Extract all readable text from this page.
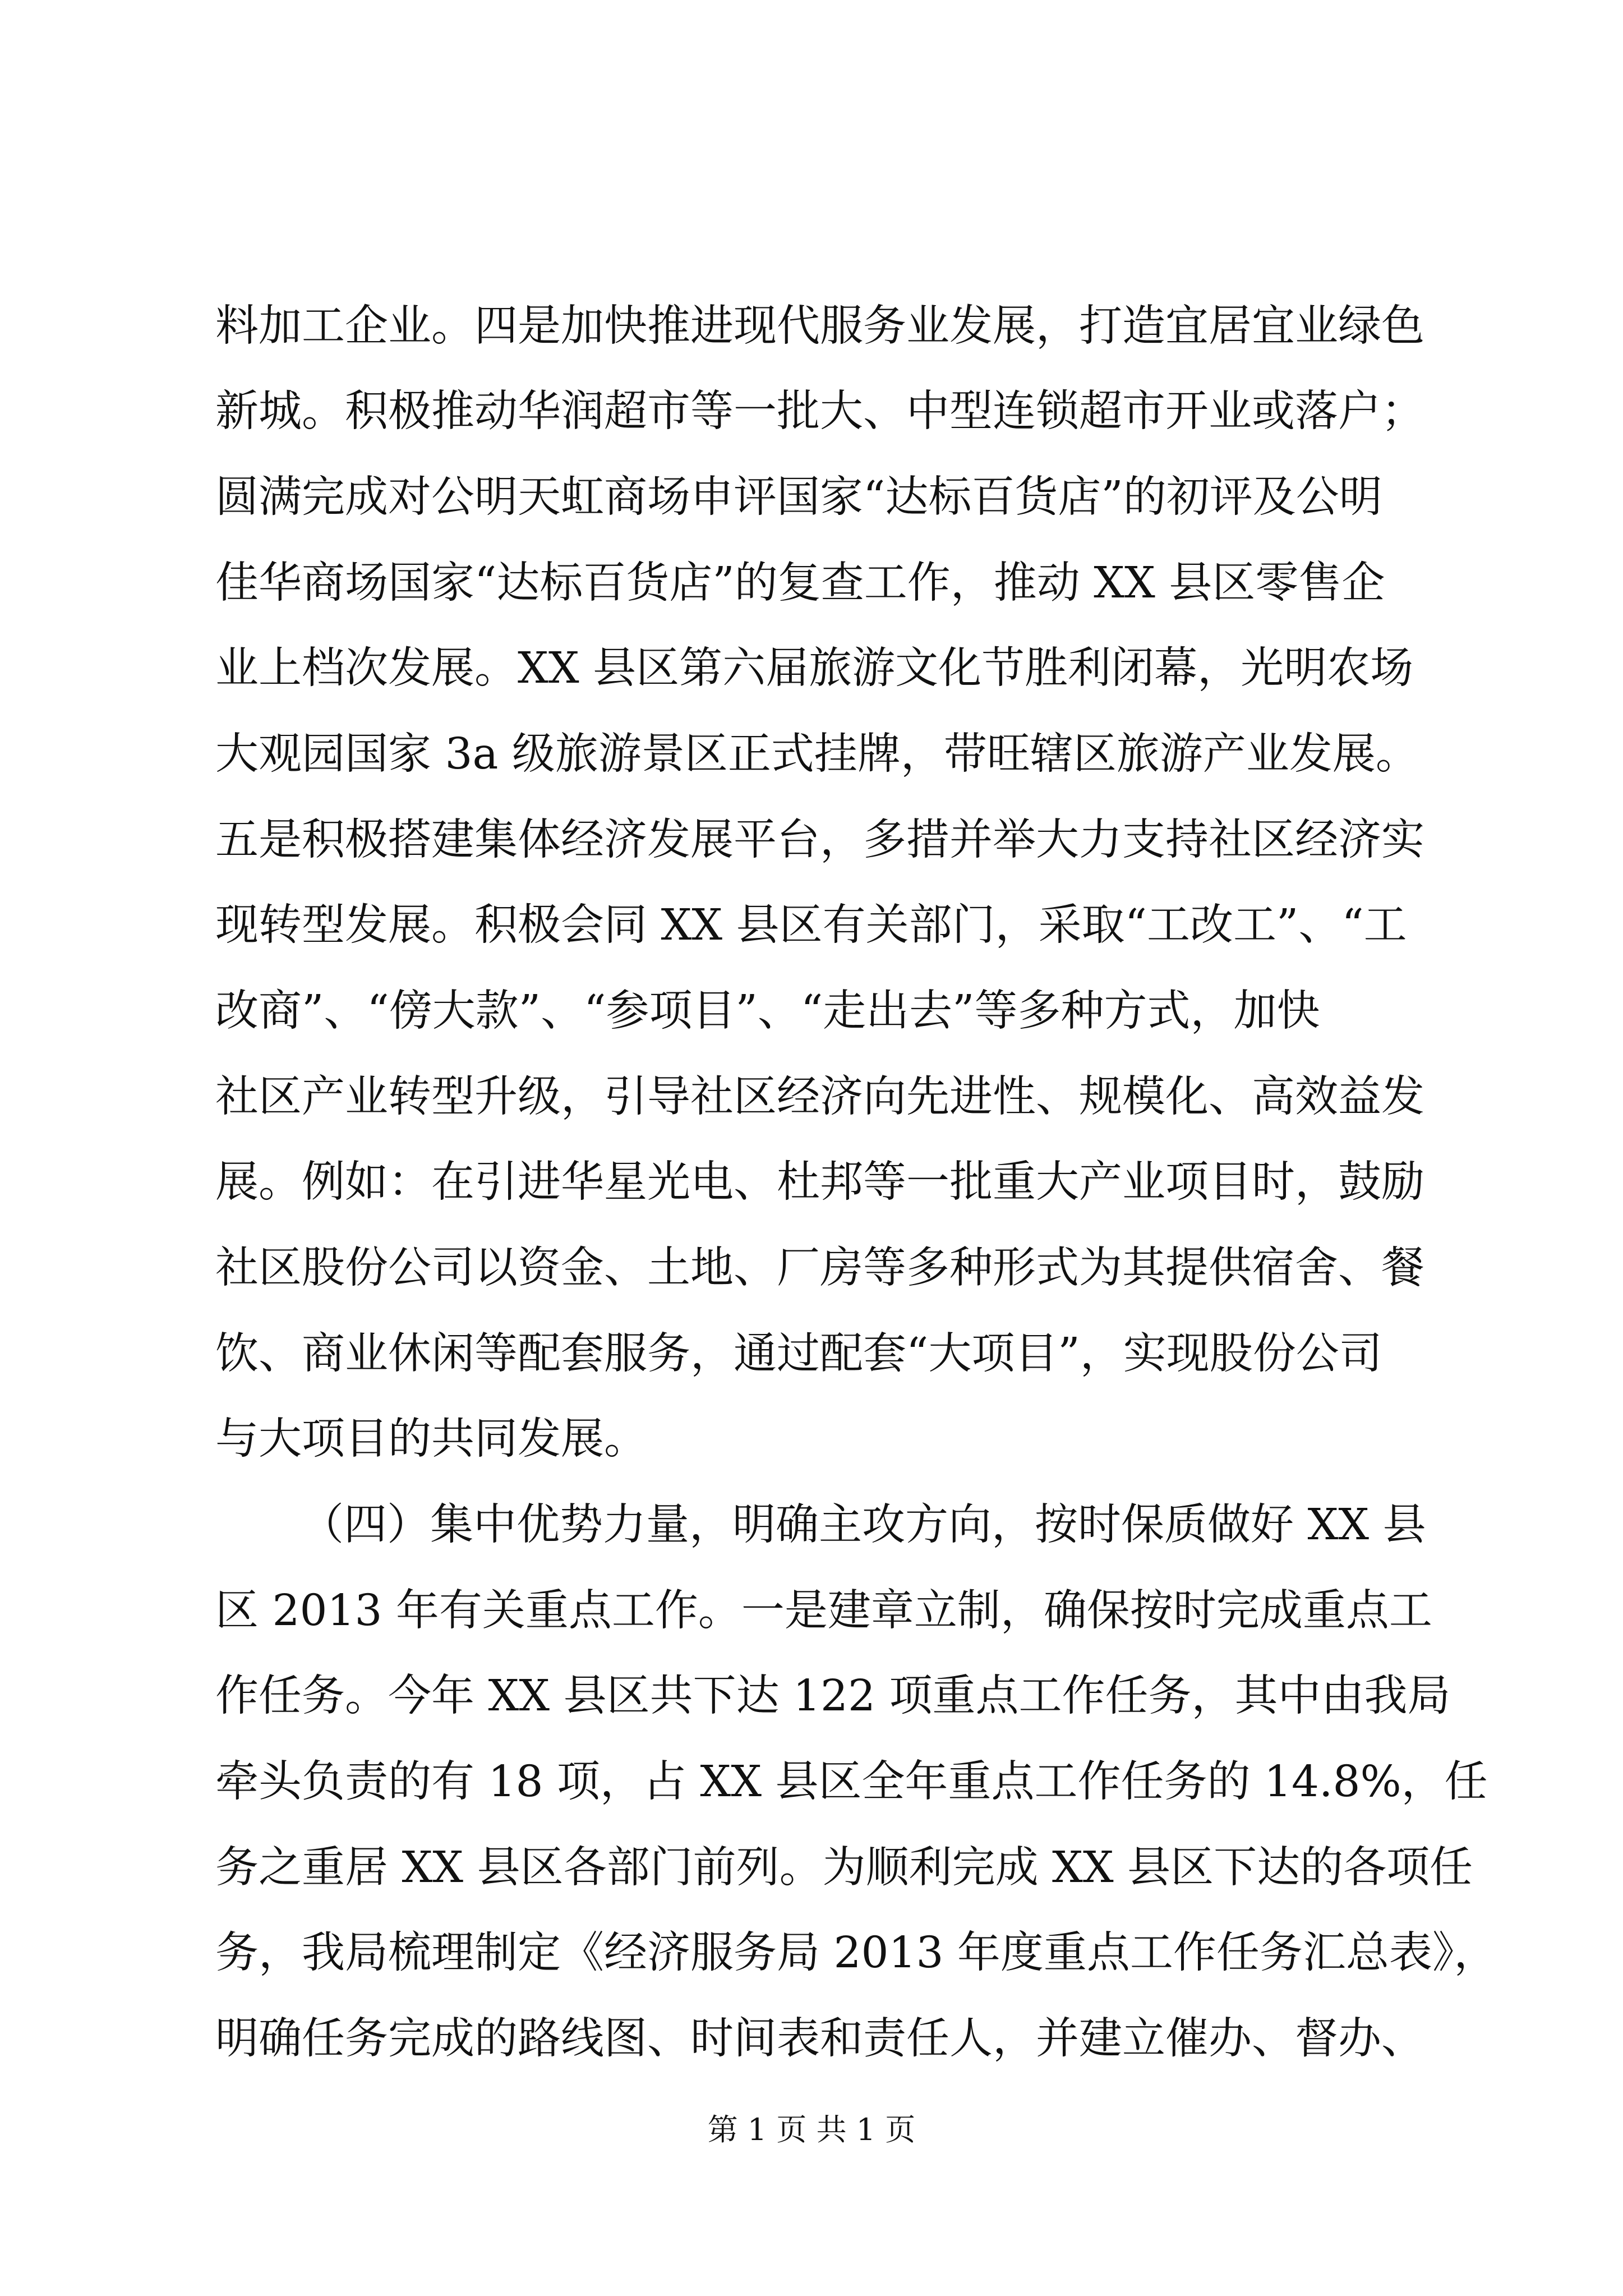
料加工企业。四是加快推进现代服务业发展，打造宜居宜业绿色
新城。积极推动华润超市等一批大、中型连锁超市开业或落户；
圆满完成对公明天虹商场申评国家“达标百货店”的初评及公明
佳华商场国家“达标百货店”的复查工作，推动 XX 县区零售企
业上档次发展。XX 县区第六届旅游文化节胜利闭幕，光明农场
大观园国家 3a 级旅游景区正式挂牌，带旺辖区旅游产业发展。
五是积极搭建集体经济发展平台，多措并举大力支持社区经济实
现转型发展。积极会同 XX 县区有关部门，采取“工改工”、“工
改商”、“傍大款”、“参项目”、“走出去”等多种方式，加快
社区产业转型升级，引导社区经济向先进性、规模化、高效益发
展。例如：在引进华星光电、杜邦等一批重大产业项目时，鼓励
社区股份公司以资金、土地、厂房等多种形式为其提供宿舍、餐
饮、商业休闲等配套服务，通过配套“大项目”，实现股份公司
与大项目的共同发展。
（四）集中优势力量，明确主攻方向，按时保质做好 XX 县
区 2013 年有关重点工作。一是建章立制，确保按时完成重点工
作任务。今年 XX 县区共下达 122 项重点工作任务，其中由我局
牵头负责的有 18 项，占 XX 县区全年重点工作任务的 14.8%，任
务之重居 XX 县区各部门前列。为顺利完成 XX 县区下达的各项任
务，我局梳理制定《经济服务局 2013 年度重点工作任务汇总表》，
明确任务完成的路线图、时间表和责任人，并建立催办、督办、
第 1 页 共 1 页
